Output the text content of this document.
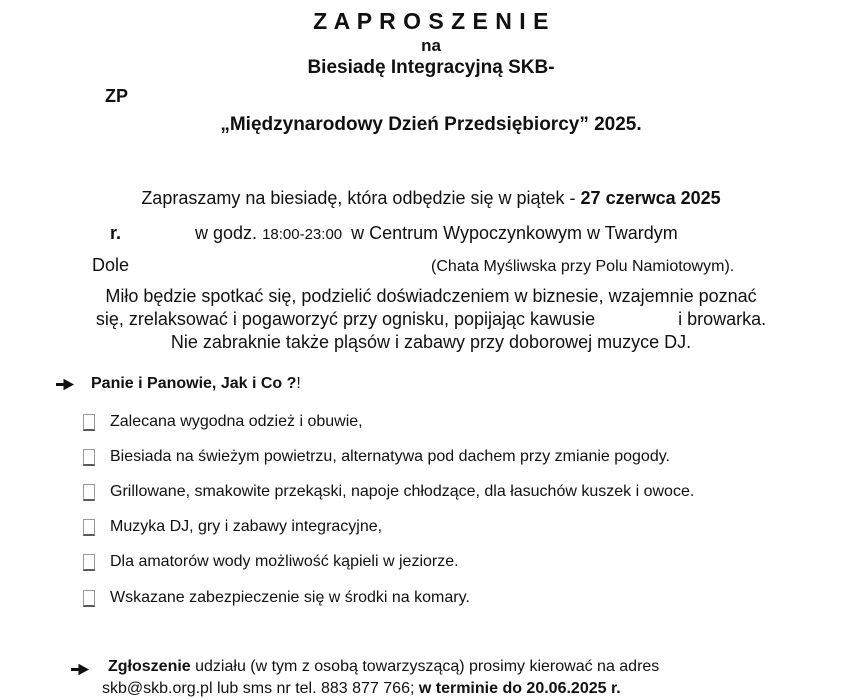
Z A P R O S Z E N I E
na
Biesiadę Integracyjną SKB-
ZP
„Międzynarodowy Dzień Przedsiębiorcy” 2025.
Zapraszamy na biesiadę, która odbędzie się w piątek - 27 czerwca 2025
r.	w godz. 18:00-23:00 w Centrum Wypoczynkowym w Twardym
Dole	(Chata Myśliwska przy Polu Namiotowym).
Miło będzie spotkać się, podzielić doświadczeniem w biznesie, wzajemnie poznać
się, zrelaksować i pogaworzyć przy ognisku, popijając kawusie	i browarka.
Nie zabraknie także pląsów i zabawy przy doborowej muzyce DJ.
Panie i Panowie, Jak i Co ?!
Zalecana wygodna odzież i obuwie,
Biesiada na świeżym powietrzu, alternatywa pod dachem przy zmianie pogody.
Grillowane, smakowite przekąski, napoje chłodzące, dla łasuchów kuszek i owoce.
Muzyka DJ, gry i zabawy integracyjne,
Dla amatorów wody możliwość kąpieli w jeziorze.
Wskazane zabezpieczenie się w środki na komary.
Zgłoszenie udziału (w tym z osobą towarzyszącą) prosimy kierować na adres
skb@skb.org.pl lub sms nr tel. 883 877 766; w terminie do 20.06.2025 r.
